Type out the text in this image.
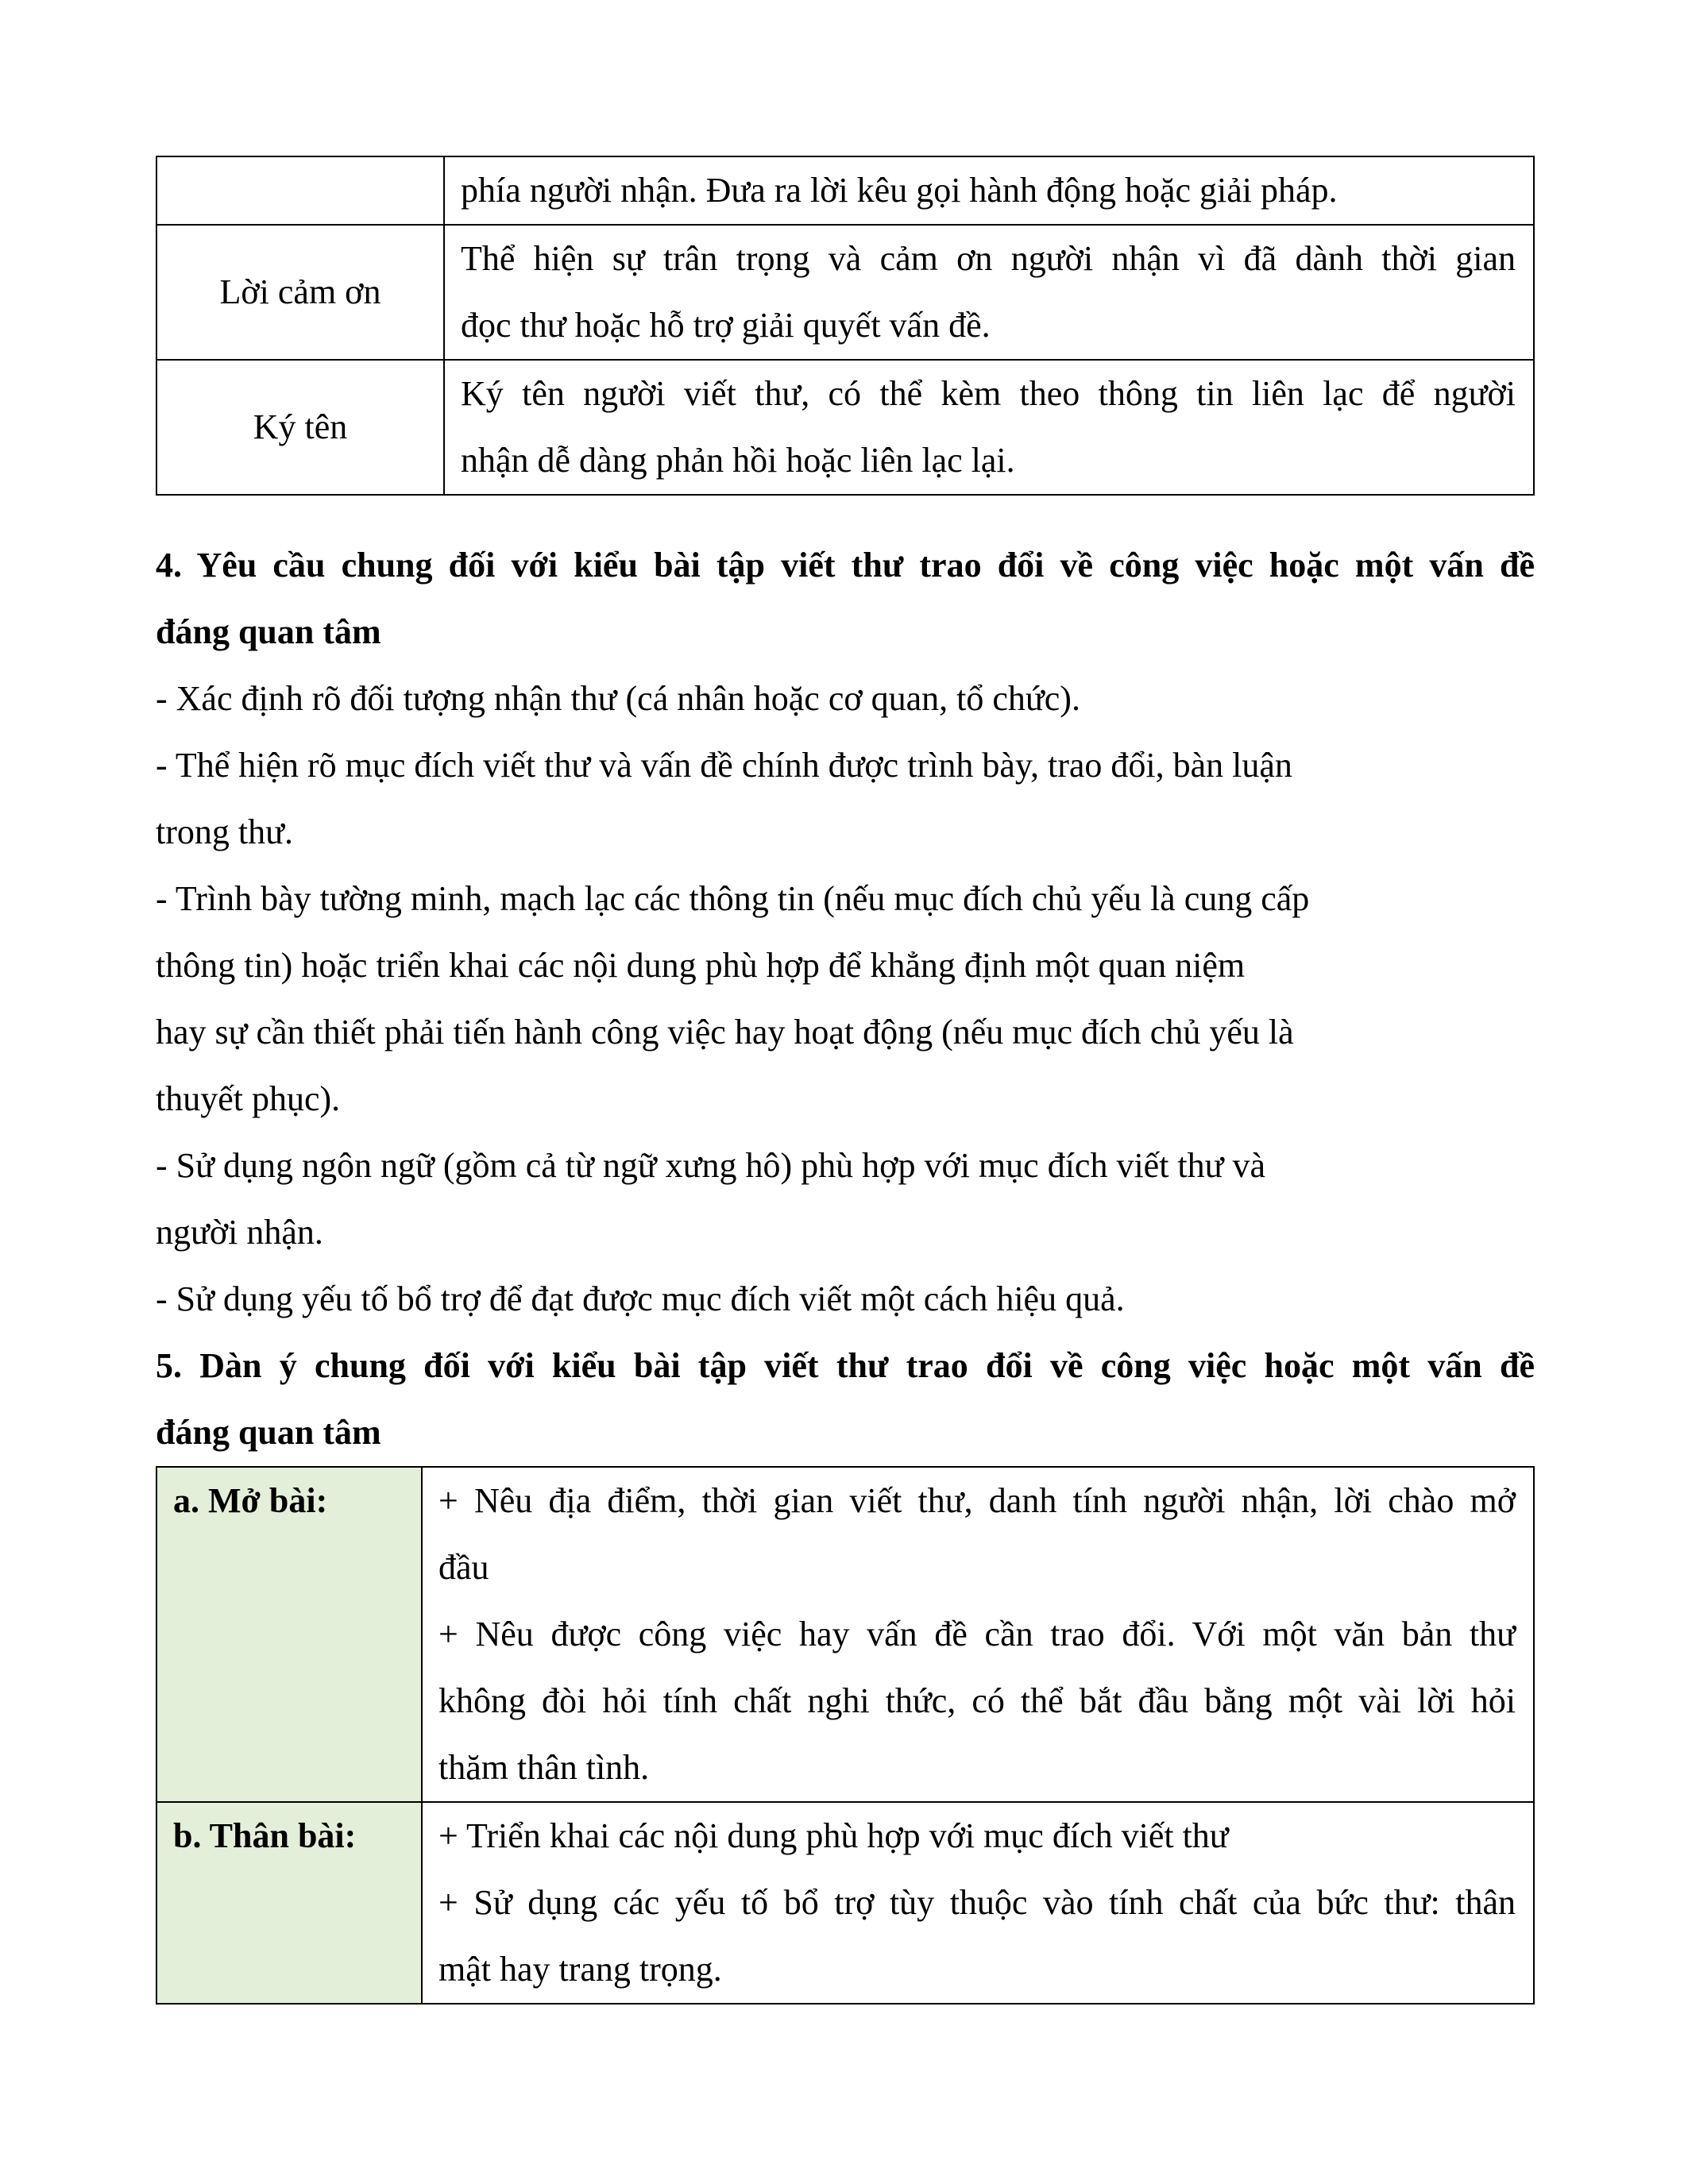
	phía người nhận. Đưa ra lời kêu gọi hành động hoặc giải pháp.

Lời cảm ơn	Thể hiện sự trân trọng và cảm ơn người nhận vì đã dành thời gian
đọc thư hoặc hỗ trợ giải quyết vấn đề.

Ký tên	Ký tên người viết thư, có thể kèm theo thông tin liên lạc để người
nhận dễ dàng phản hồi hoặc liên lạc lại.

4. Yêu cầu chung đối với kiểu bài tập viết thư trao đổi về công việc hoặc một vấn đề
đáng quan tâm

- Xác định rõ đối tượng nhận thư (cá nhân hoặc cơ quan, tổ chức).
- Thể hiện rõ mục đích viết thư và vấn đề chính được trình bày, trao đổi, bàn luận
trong thư.
- Trình bày tường minh, mạch lạc các thông tin (nếu mục đích chủ yếu là cung cấp
thông tin) hoặc triển khai các nội dung phù hợp để khẳng định một quan niệm
hay sự cần thiết phải tiến hành công việc hay hoạt động (nếu mục đích chủ yếu là
thuyết phục).
- Sử dụng ngôn ngữ (gồm cả từ ngữ xưng hô) phù hợp với mục đích viết thư và
người nhận.
- Sử dụng yếu tố bổ trợ để đạt được mục đích viết một cách hiệu quả.

5. Dàn ý chung đối với kiểu bài tập viết thư trao đổi về công việc hoặc một vấn đề
đáng quan tâm

a. Mở bài:	+ Nêu địa điểm, thời gian viết thư, danh tính người nhận, lời chào mở
đầu
+ Nêu được công việc hay vấn đề cần trao đổi. Với một văn bản thư
không đòi hỏi tính chất nghi thức, có thể bắt đầu bằng một vài lời hỏi
thăm thân tình.

b. Thân bài:	+ Triển khai các nội dung phù hợp với mục đích viết thư
+ Sử dụng các yếu tố bổ trợ tùy thuộc vào tính chất của bức thư: thân
mật hay trang trọng.
